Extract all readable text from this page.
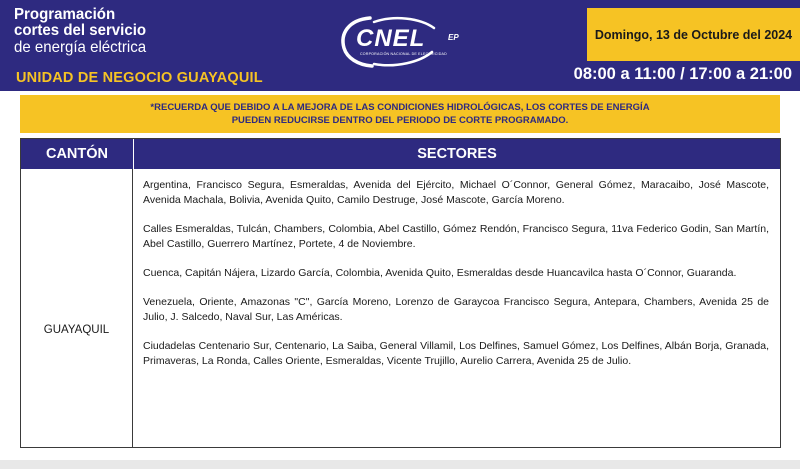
Programación
cortes del servicio
de energía eléctrica
UNIDAD DE NEGOCIO GUAYAQUIL
CNEL	EP
CORPORACIÓN NACIONAL DE ELECTRICIDAD
Domingo, 13 de Octubre del 2024
08:00 a 11:00 / 17:00 a 21:00
*RECUERDA QUE DEBIDO A LA MEJORA DE LAS CONDICIONES HIDROLÓGICAS, LOS CORTES DE ENERGÍA
PUEDEN REDUCIRSE DENTRO DEL PERIODO DE CORTE PROGRAMADO.
CANTÓN	SECTORES
GUAYAQUIL

Argentina, Francisco Segura, Esmeraldas, Avenida del Ejército, Michael O´Connor, General Gómez, Maracaibo, José Mascote, Avenida Machala, Bolivia, Avenida Quito, Camilo Destruge, José Mascote, García Moreno.

Calles Esmeraldas, Tulcán, Chambers, Colombia, Abel Castillo, Gómez Rendón, Francisco Segura, 11va Federico Godin, San Martín, Abel Castillo, Guerrero Martínez, Portete, 4 de Noviembre.

Cuenca, Capitán Nájera, Lizardo García, Colombia, Avenida Quito, Esmeraldas desde Huancavilca hasta O´Connor, Guaranda.

Venezuela, Oriente, Amazonas "C", García Moreno, Lorenzo de Garaycoa Francisco Segura, Antepara, Chambers, Avenida 25 de Julio, J. Salcedo, Naval Sur, Las Américas.

Ciudadelas Centenario Sur, Centenario, La Saiba, General Villamil, Los Delfines, Samuel Gómez, Los Delfines, Albán Borja, Granada, Primaveras, La Ronda, Calles Oriente, Esmeraldas, Vicente Trujillo, Aurelio Carrera, Avenida 25 de Julio.
